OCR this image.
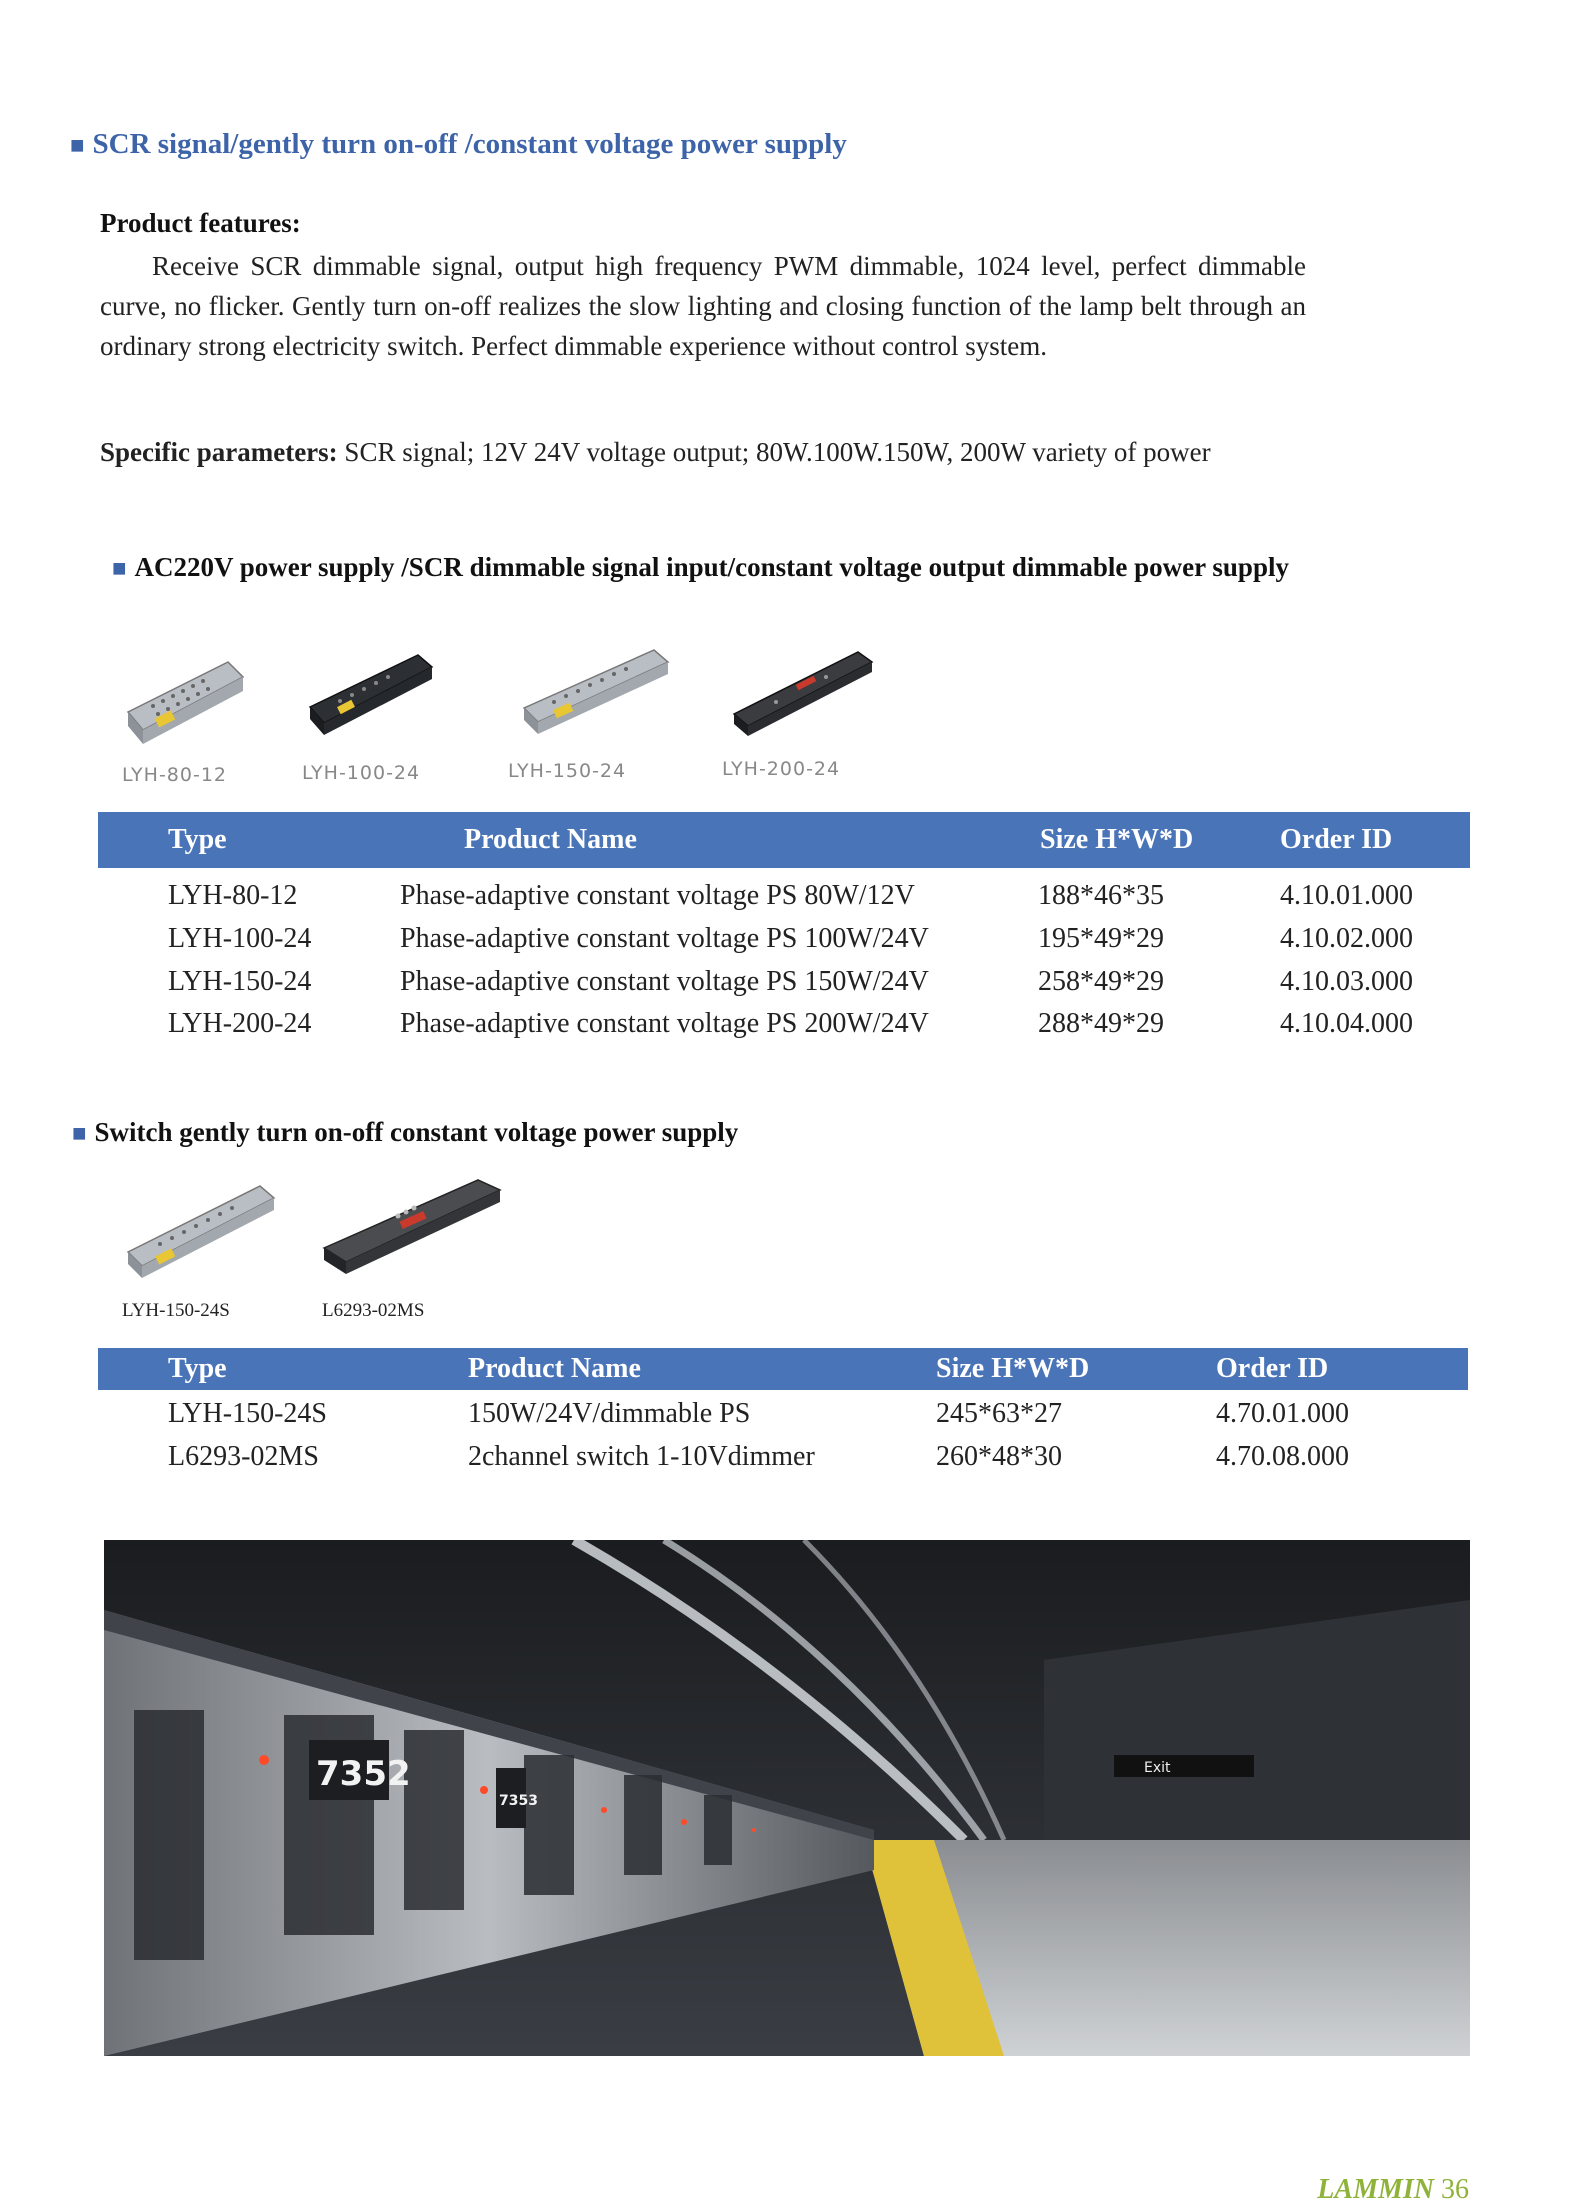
■ SCR signal/gently turn on-off /constant voltage power supply
Product features:
Receive SCR dimmable signal, output high frequency PWM dimmable, 1024 level, perfect dimmable curve, no flicker. Gently turn on-off realizes the slow lighting and closing function of the lamp belt through an ordinary strong electricity switch. Perfect dimmable experience without control system.
Specific parameters: SCR signal; 12V 24V voltage output; 80W.100W.150W, 200W variety of power
■ AC220V power supply /SCR dimmable signal input/constant voltage output dimmable power supply
LYH-80-12	LYH-100-24	LYH-150-24	LYH-200-24
Type	Product Name	Size H*W*D	Order ID
LYH-80-12	Phase-adaptive constant voltage PS 80W/12V	188*46*35	4.10.01.000
LYH-100-24	Phase-adaptive constant voltage PS 100W/24V	195*49*29	4.10.02.000
LYH-150-24	Phase-adaptive constant voltage PS 150W/24V	258*49*29	4.10.03.000
LYH-200-24	Phase-adaptive constant voltage PS 200W/24V	288*49*29	4.10.04.000
■ Switch gently turn on-off constant voltage power supply
LYH-150-24S	L6293-02MS
Type	Product Name	Size H*W*D	Order ID
LYH-150-24S	150W/24V/dimmable PS	245*63*27	4.70.01.000
L6293-02MS	2channel switch 1-10Vdimmer	260*48*30	4.70.08.000
Exit
7352
7353
LAMMIN 36
